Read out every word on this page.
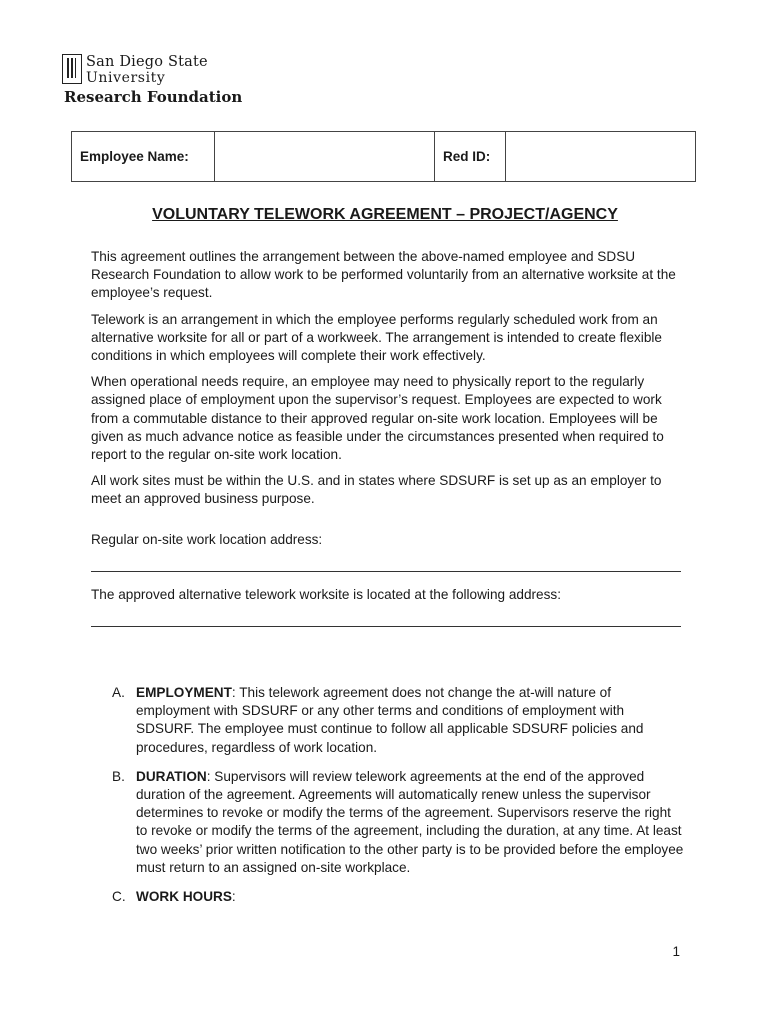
San Diego State
University
Research Foundation
Employee Name:		Red ID:	
VOLUNTARY TELEWORK AGREEMENT – PROJECT/AGENCY

This agreement outlines the arrangement between the above-named employee and SDSU Research Foundation to allow work to be performed voluntarily from an alternative worksite at the employee’s request.

Telework is an arrangement in which the employee performs regularly scheduled work from an alternative worksite for all or part of a workweek. The arrangement is intended to create flexible conditions in which employees will complete their work effectively.

When operational needs require, an employee may need to physically report to the regularly assigned place of employment upon the supervisor’s request. Employees are expected to work from a commutable distance to their approved regular on-site work location. Employees will be given as much advance notice as feasible under the circumstances presented when required to report to the regular on-site work location.

All work sites must be within the U.S. and in states where SDSURF is set up as an employer to meet an approved business purpose.

Regular on-site work location address:

The approved alternative telework worksite is located at the following address:

A. EMPLOYMENT: This telework agreement does not change the at-will nature of employment with SDSURF or any other terms and conditions of employment with SDSURF. The employee must continue to follow all applicable SDSURF policies and procedures, regardless of work location.
B. DURATION: Supervisors will review telework agreements at the end of the approved duration of the agreement. Agreements will automatically renew unless the supervisor determines to revoke or modify the terms of the agreement. Supervisors reserve the right to revoke or modify the terms of the agreement, including the duration, at any time. At least two weeks’ prior written notification to the other party is to be provided before the employee must return to an assigned on-site workplace.
C. WORK HOURS:
1
